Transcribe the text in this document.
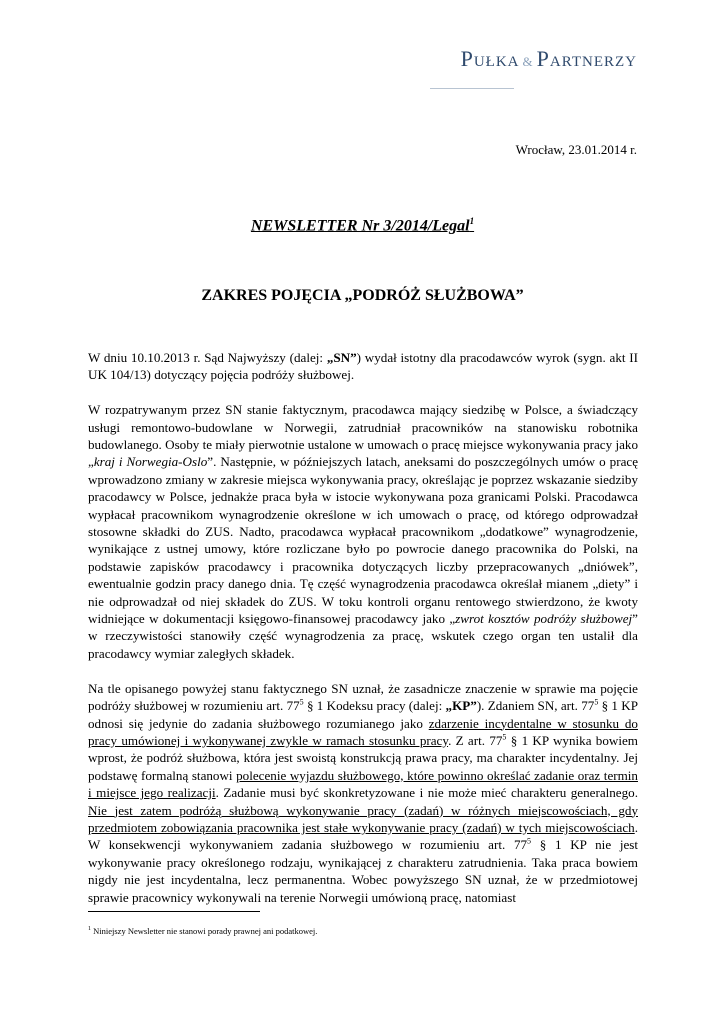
PUŁKA & PARTNERZY
Wrocław, 23.01.2014 r.
NEWSLETTER Nr 3/2014/Legal$^1$
ZAKRES POJĘCIA „PODRÓŻ SŁUŻBOWA”

W dniu 10.10.2013 r. Sąd Najwyższy (dalej: „SN”) wydał istotny dla pracodawców wyrok (sygn. akt II UK 104/13) dotyczący pojęcia podróży służbowej.

W rozpatrywanym przez SN stanie faktycznym, pracodawca mający siedzibę w Polsce, a świadczący usługi remontowo-budowlane w Norwegii, zatrudniał pracowników na stanowisku robotnika budowlanego. Osoby te miały pierwotnie ustalone w umowach o pracę miejsce wykonywania pracy jako „kraj i Norwegia-Oslo”. Następnie, w późniejszych latach, aneksami do poszczególnych umów o pracę wprowadzono zmiany w zakresie miejsca wykonywania pracy, określając je poprzez wskazanie siedziby pracodawcy w Polsce, jednakże praca była w istocie wykonywana poza granicami Polski. Pracodawca wypłacał pracownikom wynagrodzenie określone w ich umowach o pracę, od którego odprowadzał stosowne składki do ZUS. Nadto, pracodawca wypłacał pracownikom „dodatkowe” wynagrodzenie, wynikające z ustnej umowy, które rozliczane było po powrocie danego pracownika do Polski, na podstawie zapisków pracodawcy i pracownika dotyczących liczby przepracowanych „dniówek”, ewentualnie godzin pracy danego dnia. Tę część wynagrodzenia pracodawca określał mianem „diety” i nie odprowadzał od niej składek do ZUS. W toku kontroli organu rentowego stwierdzono, że kwoty widniejące w dokumentacji księgowo-finansowej pracodawcy jako „zwrot kosztów podróży służbowej” w rzeczywistości stanowiły część wynagrodzenia za pracę, wskutek czego organ ten ustalił dla pracodawcy wymiar zaległych składek.

Na tle opisanego powyżej stanu faktycznego SN uznał, że zasadnicze znaczenie w sprawie ma pojęcie podróży służbowej w rozumieniu art. $77^5$ § 1 Kodeksu pracy (dalej: „KP”). Zdaniem SN, art. $77^5$ § 1 KP odnosi się jedynie do zadania służbowego rozumianego jako zdarzenie incydentalne w stosunku do pracy umówionej i wykonywanej zwykle w ramach stosunku pracy. Z art. $77^5$ § 1 KP wynika bowiem wprost, że podróż służbowa, która jest swoistą konstrukcją prawa pracy, ma charakter incydentalny. Jej podstawę formalną stanowi polecenie wyjazdu służbowego, które powinno określać zadanie oraz termin i miejsce jego realizacji. Zadanie musi być skonkretyzowane i nie może mieć charakteru generalnego. Nie jest zatem podróżą służbową wykonywanie pracy (zadań) w różnych miejscowościach, gdy przedmiotem zobowiązania pracownika jest stałe wykonywanie pracy (zadań) w tych miejscowościach. W konsekwencji wykonywaniem zadania służbowego w rozumieniu art. $77^5$ § 1 KP nie jest wykonywanie pracy określonego rodzaju, wynikającej z charakteru zatrudnienia. Taka praca bowiem nigdy nie jest incydentalna, lecz permanentna. Wobec powyższego SN uznał, że w przedmiotowej sprawie pracownicy wykonywali na terenie Norwegii umówioną pracę, natomiast

$^1$ Niniejszy Newsletter nie stanowi porady prawnej ani podatkowej.
